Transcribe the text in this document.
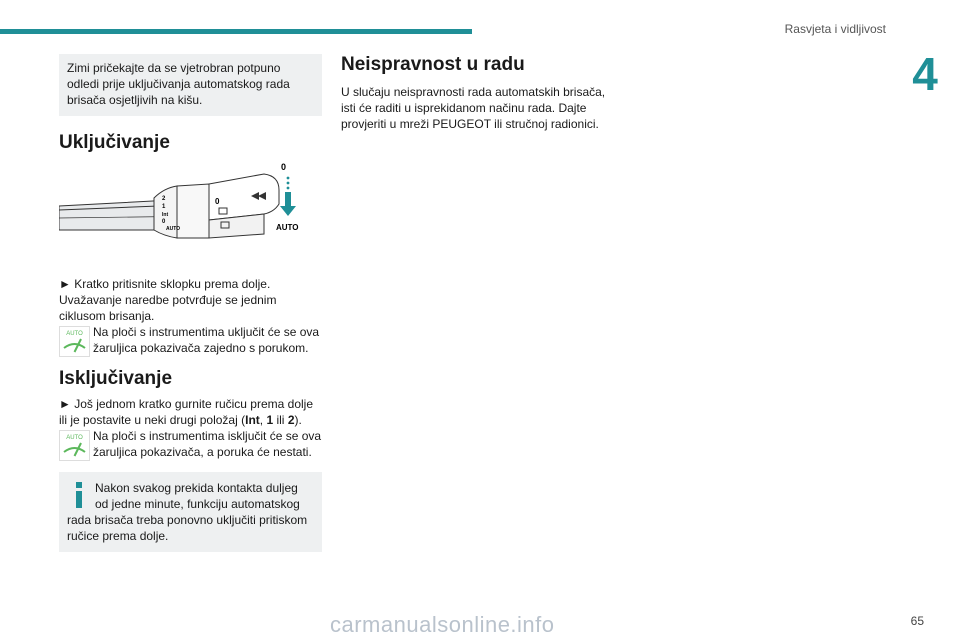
Rasvjeta i vidljivost
4
Zimi pričekajte da se vjetrobran potpuno odledi prije uključivanja automatskog rada brisača osjetljivih na kišu.
Uključivanje
2
1
Int
0
AUTO
0
0
AUTO

► Kratko pritisnite sklopku prema dolje.

Uvažavanje naredbe potvrđuje se jednim ciklusom brisanja.

AUTO Na ploči s instrumentima uključit će se ova žaruljica pokazivača zajedno s porukom.

Isključivanje

► Još jednom kratko gurnite ručicu prema dolje ili je postavite u neki drugi položaj (Int, 1 ili 2).

AUTO Na ploči s instrumentima isključit će se ova žaruljica pokazivača, a poruka će nestati.

Nakon svakog prekida kontakta duljeg od jedne minute, funkciju automatskog rada brisača treba ponovno uključiti pritiskom ručice prema dolje.
Neispravnost u radu

U slučaju neispravnosti rada automatskih brisača, isti će raditi u isprekidanom načinu rada. Dajte provjeriti u mreži PEUGEOT ili stručnoj radionici.

carmanualsonline.info	65
